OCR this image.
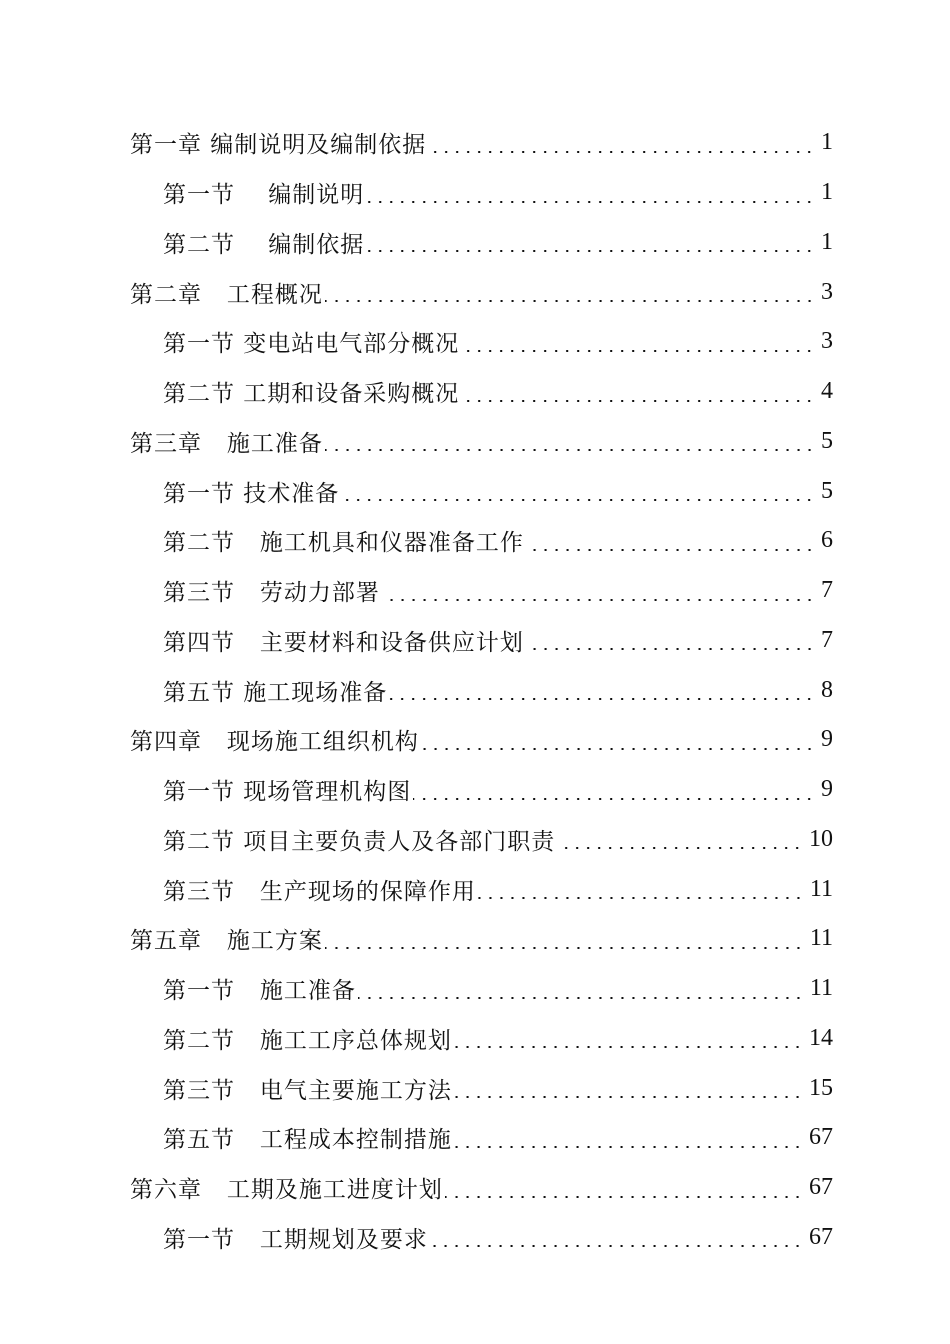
第一章 编制说明及编制依据	1
第一节    编制说明	1
第二节    编制依据	1
第二章   工程概况	3
第一节 变电站电气部分概况	3
第二节 工期和设备采购概况	4
第三章   施工准备	5
第一节 技术准备	5
第二节   施工机具和仪器准备工作	6
第三节   劳动力部署	7
第四节   主要材料和设备供应计划	7
第五节 施工现场准备	8
第四章   现场施工组织机构	9
第一节 现场管理机构图	9
第二节 项目主要负责人及各部门职责	10
第三节   生产现场的保障作用	11
第五章   施工方案	11
第一节   施工准备	11
第二节   施工工序总体规划	14
第三节   电气主要施工方法	15
第五节   工程成本控制措施	67
第六章   工期及施工进度计划	67
第一节   工期规划及要求	67
